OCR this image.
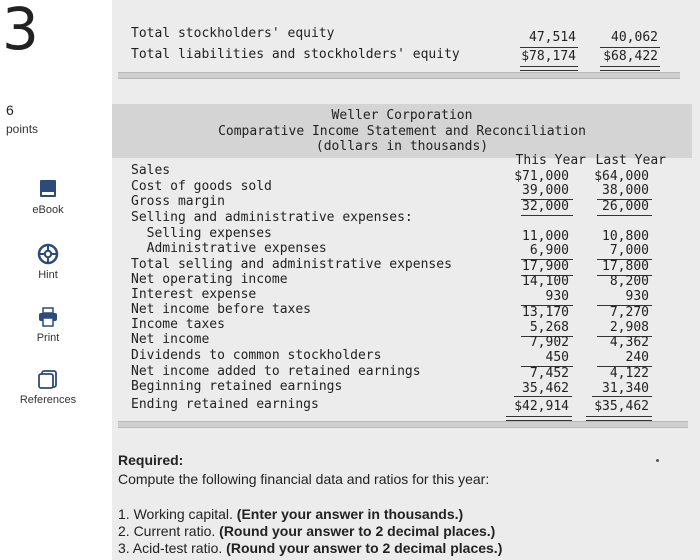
3
6
points
eBook
Hint
Print
References
Total stockholders' equity	47,514	40,062
Total liabilities and stockholders' equity	$78,174	$68,422
Weller Corporation
Comparative Income Statement and Reconciliation
(dollars in thousands)
This Year Last Year
Sales	$71,000	$64,000
Cost of goods sold	39,000	38,000
Gross margin	32,000	26,000
Selling and administrative expenses:
Selling expenses	11,000	10,800
Administrative expenses	6,900	7,000
Total selling and administrative expenses	17,900	17,800
Net operating income	14,100	8,200
Interest expense	930	930
Net income before taxes	13,170	7,270
Income taxes	5,268	2,908
Net income	7,902	4,362
Dividends to common stockholders	450	240
Net income added to retained earnings	7,452	4,122
Beginning retained earnings	35,462	31,340
Ending retained earnings	$42,914	$35,462
Required:
Compute the following financial data and ratios for this year:
1. Working capital. (Enter your answer in thousands.)
2. Current ratio. (Round your answer to 2 decimal places.)
3. Acid-test ratio. (Round your answer to 2 decimal places.)
